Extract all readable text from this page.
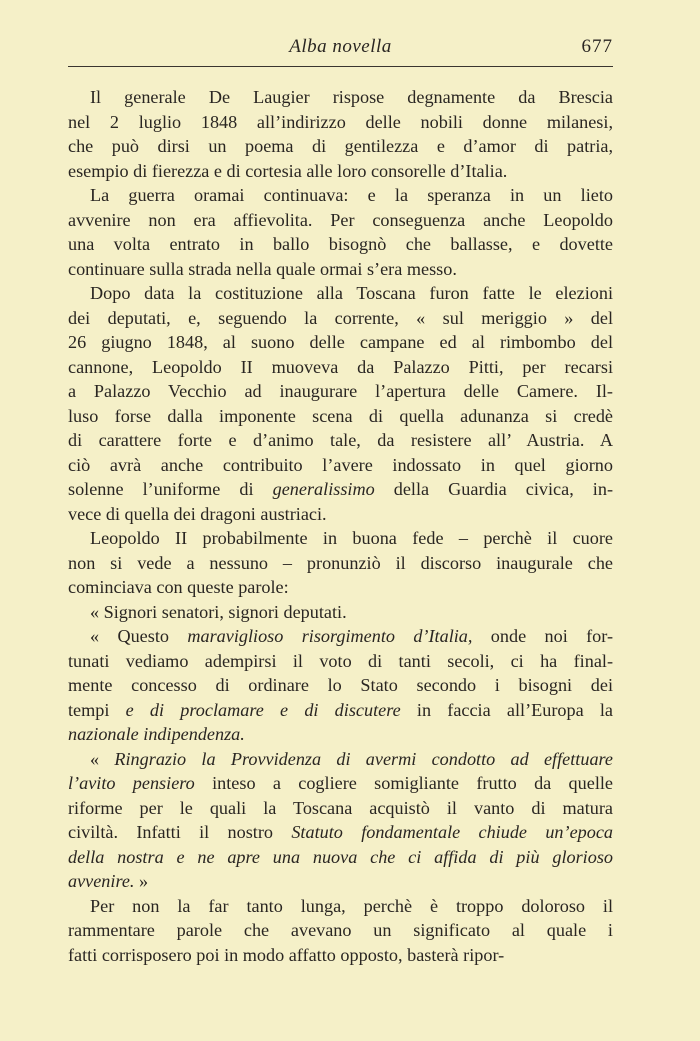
Alba novella	677

Il generale De Laugier rispose degnamente da Brescia
nel 2 luglio 1848 all’indirizzo delle nobili donne milanesi,
che può dirsi un poema di gentilezza e d’amor di patria,
esempio di fierezza e di cortesia alle loro consorelle d’Italia.

La guerra oramai continuava: e la speranza in un lieto
avvenire non era affievolita. Per conseguenza anche Leopoldo
una volta entrato in ballo bisognò che ballasse, e dovette
continuare sulla strada nella quale ormai s’era messo.

Dopo data la costituzione alla Toscana furon fatte le elezioni
dei deputati, e, seguendo la corrente, « sul meriggio » del
26 giugno 1848, al suono delle campane ed al rimbombo del
cannone, Leopoldo II muoveva da Palazzo Pitti, per recarsi
a Palazzo Vecchio ad inaugurare l’apertura delle Camere. Il-
luso forse dalla imponente scena di quella adunanza si credè
di carattere forte e d’animo tale, da resistere all’ Austria. A
ciò avrà anche contribuito l’avere indossato in quel giorno
solenne l’uniforme di generalissimo della Guardia civica, in-
vece di quella dei dragoni austriaci.

Leopoldo II probabilmente in buona fede – perchè il cuore
non si vede a nessuno – pronunziò il discorso inaugurale che
cominciava con queste parole:

« Signori senatori, signori deputati.

« Questo maraviglioso risorgimento d’Italia, onde noi for-
tunati vediamo adempirsi il voto di tanti secoli, ci ha final-
mente concesso di ordinare lo Stato secondo i bisogni dei
tempi e di proclamare e di discutere in faccia all’Europa la
nazionale indipendenza.

« Ringrazio la Provvidenza di avermi condotto ad effettuare
l’avito pensiero inteso a cogliere somigliante frutto da quelle
riforme per le quali la Toscana acquistò il vanto di matura
civiltà. Infatti il nostro Statuto fondamentale chiude un’epoca
della nostra e ne apre una nuova che ci affida di più glorioso
avvenire. »

Per non la far tanto lunga, perchè è troppo doloroso il
rammentare parole che avevano un significato al quale i
fatti corrisposero poi in modo affatto opposto, basterà ripor-
